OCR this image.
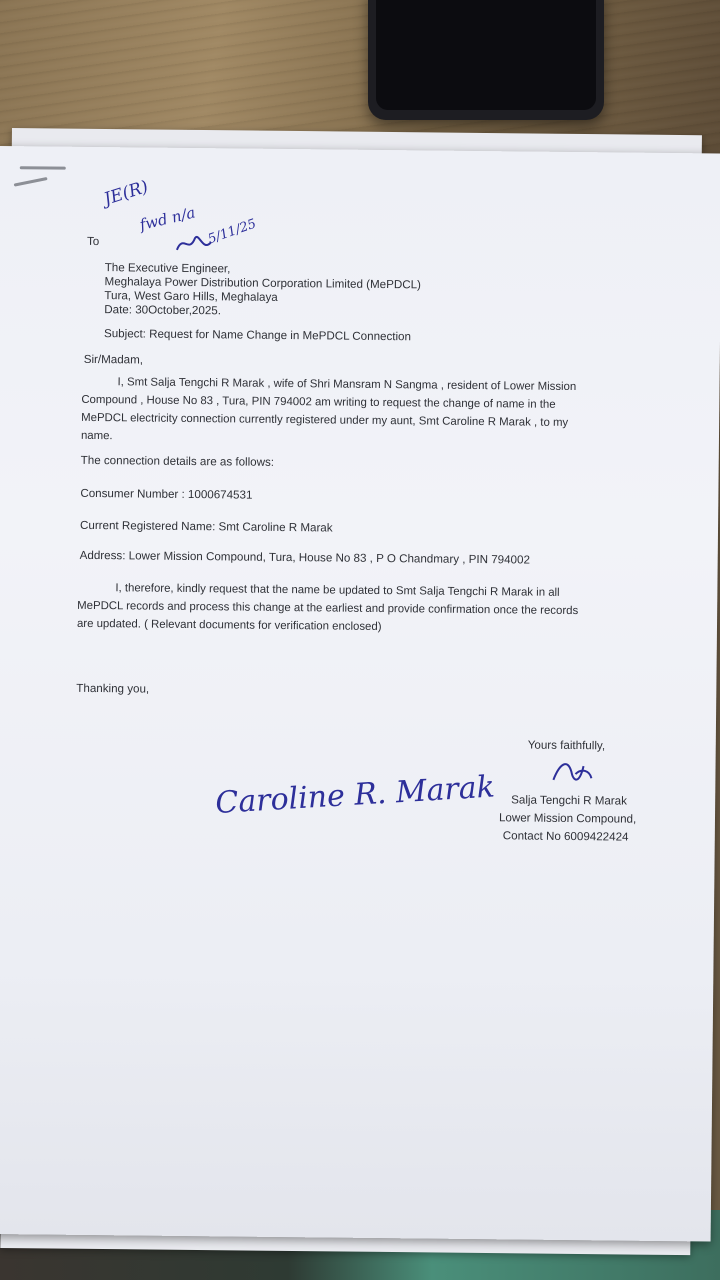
JE(R)
fwd n/a 5/11/25
To
The Executive Engineer,
Meghalaya Power Distribution Corporation Limited (MePDCL)
Tura, West Garo Hills, Meghalaya
Date: 30October,2025.
Subject: Request for Name Change in MePDCL Connection
Sir/Madam,
I, Smt Salja Tengchi R Marak , wife of Shri Mansram N Sangma , resident of Lower Mission
Compound , House No 83 , Tura, PIN 794002 am writing to request the change of name in the
MePDCL electricity connection currently registered under my aunt, Smt Caroline R Marak , to my
name.
The connection details are as follows:
Consumer Number : 1000674531
Current Registered Name: Smt Caroline R Marak
Address: Lower Mission Compound, Tura, House No 83 , P O Chandmary , PIN 794002
I, therefore, kindly request that the name be updated to Smt Salja Tengchi R Marak in all
MePDCL records and process this change at the earliest and provide confirmation once the records
are updated. ( Relevant documents for verification enclosed)
Thanking you,
Yours faithfully,
Caroline R. Marak Salja Tengchi R Marak
Lower Mission Compound,
Contact No 6009422424
